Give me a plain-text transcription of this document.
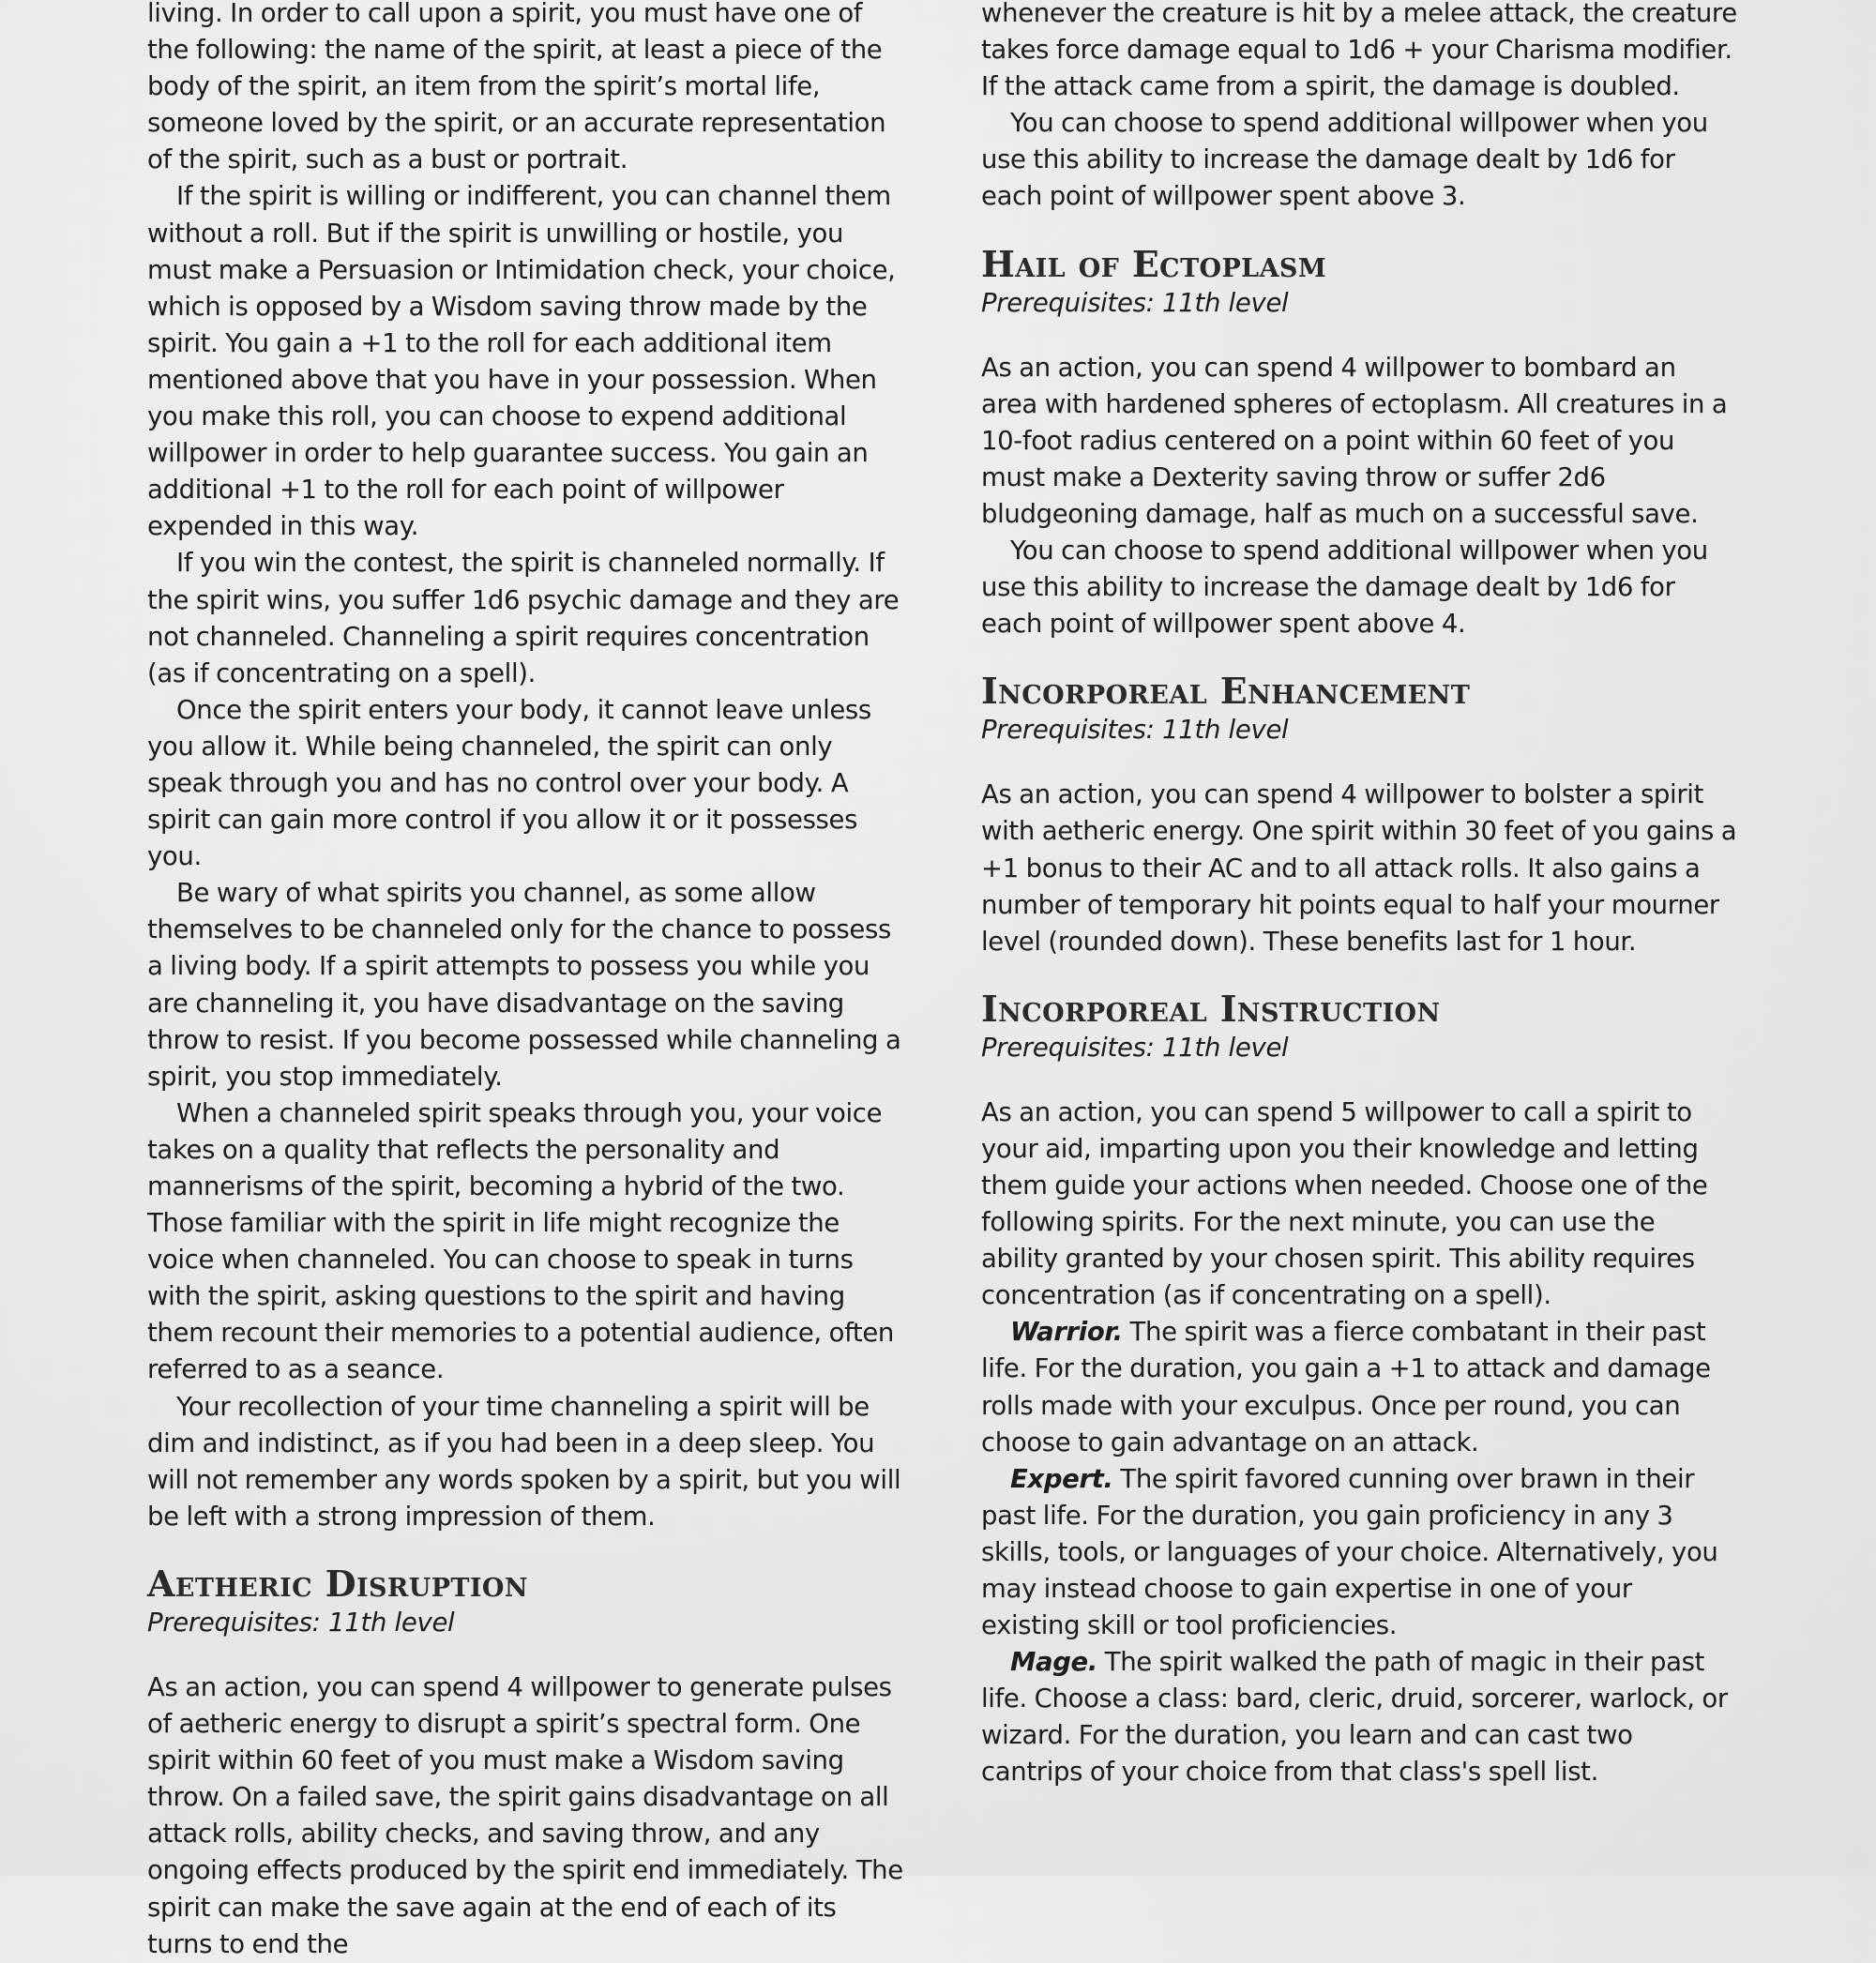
living. In order to call upon a spirit, you must have one of the following: the name of the spirit, at least a piece of the body of the spirit, an item from the spirit’s mortal life, someone loved by the spirit, or an accurate representation of the spirit, such as a bust or portrait.

If the spirit is willing or indifferent, you can channel them without a roll. But if the spirit is unwilling or hostile, you must make a Persuasion or Intimidation check, your choice, which is opposed by a Wisdom saving throw made by the spirit. You gain a +1 to the roll for each additional item mentioned above that you have in your possession. When you make this roll, you can choose to expend additional willpower in order to help guarantee success. You gain an additional +1 to the roll for each point of willpower expended in this way.

If you win the contest, the spirit is channeled normally. If the spirit wins, you suffer 1d6 psychic damage and they are not channeled. Channeling a spirit requires concentration (as if concentrating on a spell).

Once the spirit enters your body, it cannot leave unless you allow it. While being channeled, the spirit can only speak through you and has no control over your body. A spirit can gain more control if you allow it or it possesses you.

Be wary of what spirits you channel, as some allow themselves to be channeled only for the chance to possess a living body. If a spirit attempts to possess you while you are channeling it, you have disadvantage on the saving throw to resist. If you become possessed while channeling a spirit, you stop immediately.

When a channeled spirit speaks through you, your voice takes on a quality that reflects the personality and mannerisms of the spirit, becoming a hybrid of the two. Those familiar with the spirit in life might recognize the voice when channeled. You can choose to speak in turns with the spirit, asking questions to the spirit and having them recount their memories to a potential audience, often referred to as a seance.

Your recollection of your time channeling a spirit will be dim and indistinct, as if you had been in a deep sleep. You will not remember any words spoken by a spirit, but you will be left with a strong impression of them.

Aetheric Disruption
Prerequisites: 11th level

As an action, you can spend 4 willpower to generate pulses of aetheric energy to disrupt a spirit’s spectral form. One spirit within 60 feet of you must make a Wisdom saving throw. On a failed save, the spirit gains disadvantage on all attack rolls, ability checks, and saving throw, and any ongoing effects produced by the spirit end immediately. The spirit can make the save again at the end of each of its turns to end the

whenever the creature is hit by a melee attack, the creature takes force damage equal to 1d6 + your Charisma modifier. If the attack came from a spirit, the damage is doubled.

You can choose to spend additional willpower when you use this ability to increase the damage dealt by 1d6 for each point of willpower spent above 3.

Hail of Ectoplasm
Prerequisites: 11th level

As an action, you can spend 4 willpower to bombard an area with hardened spheres of ectoplasm. All creatures in a 10-foot radius centered on a point within 60 feet of you must make a Dexterity saving throw or suffer 2d6 bludgeoning damage, half as much on a successful save.

You can choose to spend additional willpower when you use this ability to increase the damage dealt by 1d6 for each point of willpower spent above 4.

Incorporeal Enhancement
Prerequisites: 11th level

As an action, you can spend 4 willpower to bolster a spirit with aetheric energy. One spirit within 30 feet of you gains a +1 bonus to their AC and to all attack rolls. It also gains a number of temporary hit points equal to half your mourner level (rounded down). These benefits last for 1 hour.

Incorporeal Instruction
Prerequisites: 11th level

As an action, you can spend 5 willpower to call a spirit to your aid, imparting upon you their knowledge and letting them guide your actions when needed. Choose one of the following spirits. For the next minute, you can use the ability granted by your chosen spirit. This ability requires concentration (as if concentrating on a spell).

Warrior. The spirit was a fierce combatant in their past life. For the duration, you gain a +1 to attack and damage rolls made with your exculpus. Once per round, you can choose to gain advantage on an attack.

Expert. The spirit favored cunning over brawn in their past life. For the duration, you gain proficiency in any 3 skills, tools, or languages of your choice. Alternatively, you may instead choose to gain expertise in one of your existing skill or tool proficiencies.

Mage. The spirit walked the path of magic in their past life. Choose a class: bard, cleric, druid, sorcerer, warlock, or wizard. For the duration, you learn and can cast two cantrips of your choice from that class's spell list.
